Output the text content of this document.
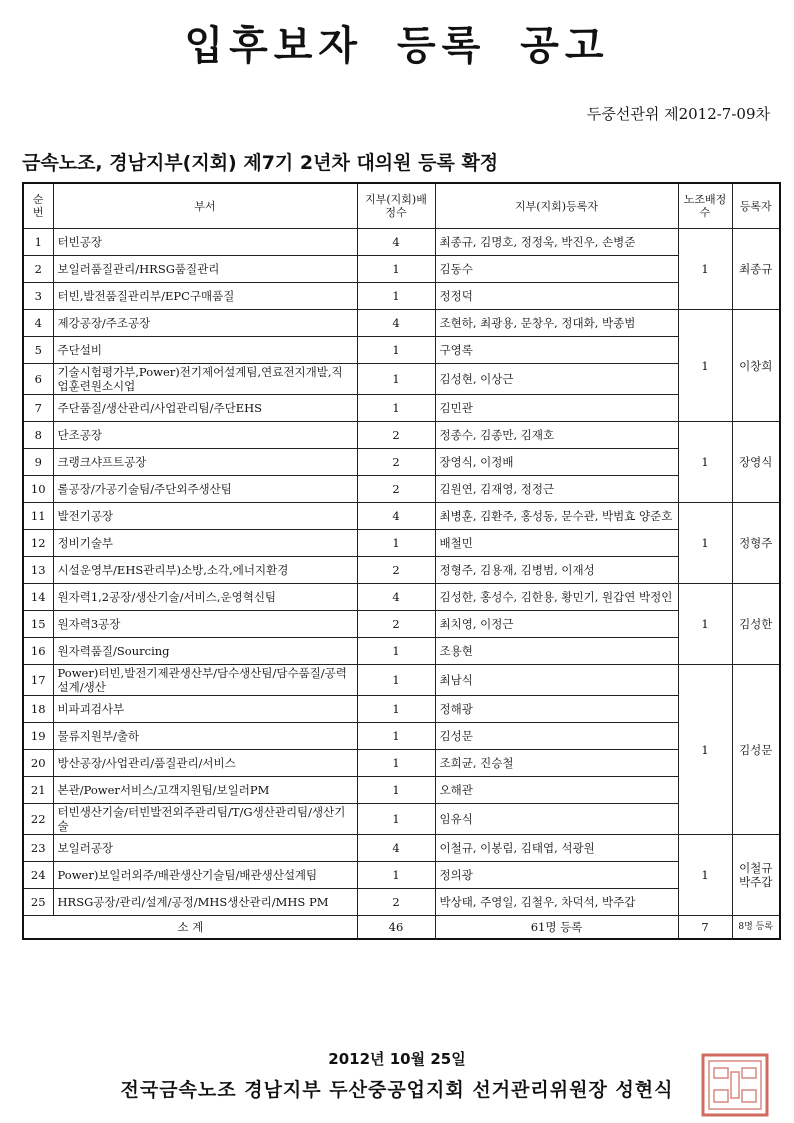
입후보자 등록 공고
두중선관위 제2012-7-09차
금속노조, 경남지부(지회) 제7기 2년차 대의원 등록 확정
순번	부서	지부(지회)배정수	지부(지회)등록자	노조배정수	등록자
1	터빈공장	4	최종규, 김명호, 정정욱, 박진우, 손병준	1	최종규
2	보일러품질관리/HRSG품질관리	1	김동수		
3	터빈,발전품질관리부/EPC구매품질	1	정정덕		
4	제강공장/주조공장	4	조현하, 최광용, 문창우, 정대화, 박종범	1	이창희
5	주단설비	1	구영록		
6	기술시험평가부,Power)전기제어설계팀,연료전지개발,직업훈련원소시업	1	김성현, 이상근		
7	주단품질/생산관리/사업관리팀/주단EHS	1	김민관		
8	단조공장	2	정종수, 김종만, 김재호	1	장영식
9	크랭크샤프트공장	2	장영식, 이정배		
10	롤공장/가공기술팀/주단외주생산팀	2	김원연, 김재영, 정정근		
11	발전기공장	4	최병훈, 김환주, 홍성동, 문수관, 박범효 양준호	1	정형주
12	정비기술부	1	배철민		
13	시설운영부/EHS관리부)소방,소각,에너지환경	2	정형주, 김용재, 김병범, 이재성		
14	원자력1,2공장/생산기술/서비스,운영혁신팀	4	김성한, 홍성수, 김한용, 황민기, 원갑연 박정인	1	김성한
15	원자력3공장	2	최치영, 이정근		
16	원자력품질/Sourcing	1	조용현		
17	Power)터빈,발전기제관생산부/담수생산팀/담수품질/공력설계/생산	1	최남식	1	김성문
18	비파괴검사부	1	정해광		
19	물류지원부/출하	1	김성문		
20	방산공장/사업관리/품질관리/서비스	1	조희균, 진승철		
21	본관/Power서비스/고객지원팀/보일러PM	1	오해관		
22	터빈생산기술/터빈발전외주관리팀/T/G생산관리팀/생산기술	1	임유식		
23	보일러공장	4	이철규, 이봉림, 김태엽, 석광원	1	이철규 박주갑
24	Power)보일러외주/배관생산기술팀/배관생산설계팀	1	정의광		
25	HRSG공장/관리/설계/공정/MHS생산관리/MHS PM	2	박상태, 주영일, 김철우, 차덕석, 박주갑		
소 계		46	61명 등록	7	8명 등록
2012년 10월 25일
전국금속노조 경남지부 두산중공업지회 선거관리위원장 성현식
